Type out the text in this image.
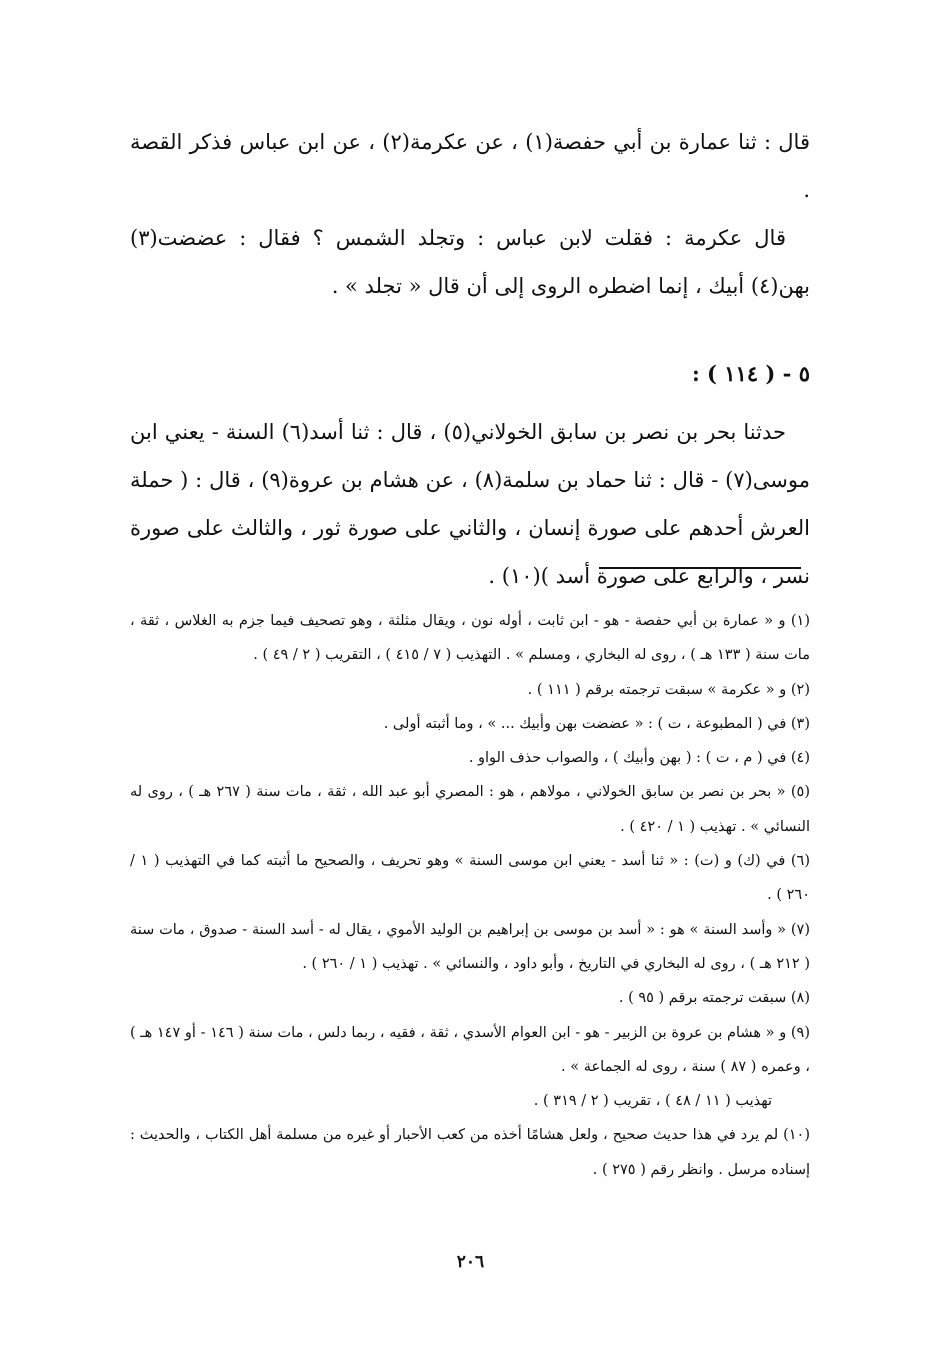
قال : ثنا عمارة بن أبي حفصة(١) ، عن عكرمة(٢) ، عن ابن عباس فذكر القصة .

قال عكرمة : فقلت لابن عباس : وتجلد الشمس ؟ فقال : عضضت(٣) بهن(٤) أبيك ، إنما اضطره الروى إلى أن قال « تجلد » .

٥ - ( ١١٤ ) :

حدثنا بحر بن نصر بن سابق الخولاني(٥) ، قال : ثنا أسد(٦) السنة - يعني ابن موسى(٧) - قال : ثنا حماد بن سلمة(٨) ، عن هشام بن عروة(٩) ، قال : ( حملة العرش أحدهم على صورة إنسان ، والثاني على صورة ثور ، والثالث على صورة نسر ، والرابع على صورة أسد )(١٠) .

(١) و « عمارة بن أبي حفصة - هو - ابن ثابت ، أوله نون ، ويقال مثلثة ، وهو تصحيف فيما جزم به الغلاس ، ثقة ، مات سنة ( ١٣٣ هـ ) ، روى له البخاري ، ومسلم » . التهذيب ( ٧ / ٤١٥ ) ، التقريب ( ٢ / ٤٩ ) .

(٢) و « عكرمة » سبقت ترجمته برقم ( ١١١ ) .

(٣) في ( المطبوعة ، ت ) : « عضضت بهن وأبيك ... » ، وما أثبته أولى .

(٤) في ( م ، ت ) : ( بهن وأبيك ) ، والصواب حذف الواو .

(٥) « بحر بن نصر بن سابق الخولاني ، مولاهم ، هو : المصري أبو عبد الله ، ثقة ، مات سنة ( ٢٦٧ هـ ) ، روى له النسائي » . تهذيب ( ١ / ٤٢٠ ) .

(٦) في (ك) و (ت) : « ثنا أسد - يعني ابن موسى السنة » وهو تحريف ، والصحيح ما أثبته كما في التهذيب ( ١ / ٢٦٠ ) .

(٧) « وأسد السنة » هو : « أسد بن موسى بن إبراهيم بن الوليد الأموي ، يقال له - أسد السنة - صدوق ، مات سنة ( ٢١٢ هـ ) ، روى له البخاري في التاريخ ، وأبو داود ، والنسائي » . تهذيب ( ١ / ٢٦٠ ) .

(٨) سبقت ترجمته برقم ( ٩٥ ) .

(٩) و « هشام بن عروة بن الزبير - هو - ابن العوام الأسدي ، ثقة ، فقيه ، ربما دلس ، مات سنة ( ١٤٦ - أو ١٤٧ هـ ) ، وعمره ( ٨٧ ) سنة ، روى له الجماعة » .

تهذيب ( ١١ / ٤٨ ) ، تقريب ( ٢ / ٣١٩ ) .

(١٠) لم يرد في هذا حديث صحيح ، ولعل هشامًا أخذه من كعب الأحبار أو غيره من مسلمة أهل الكتاب ، والحديث : إسناده مرسل . وانظر رقم ( ٢٧٥ ) .

٢٠٦
